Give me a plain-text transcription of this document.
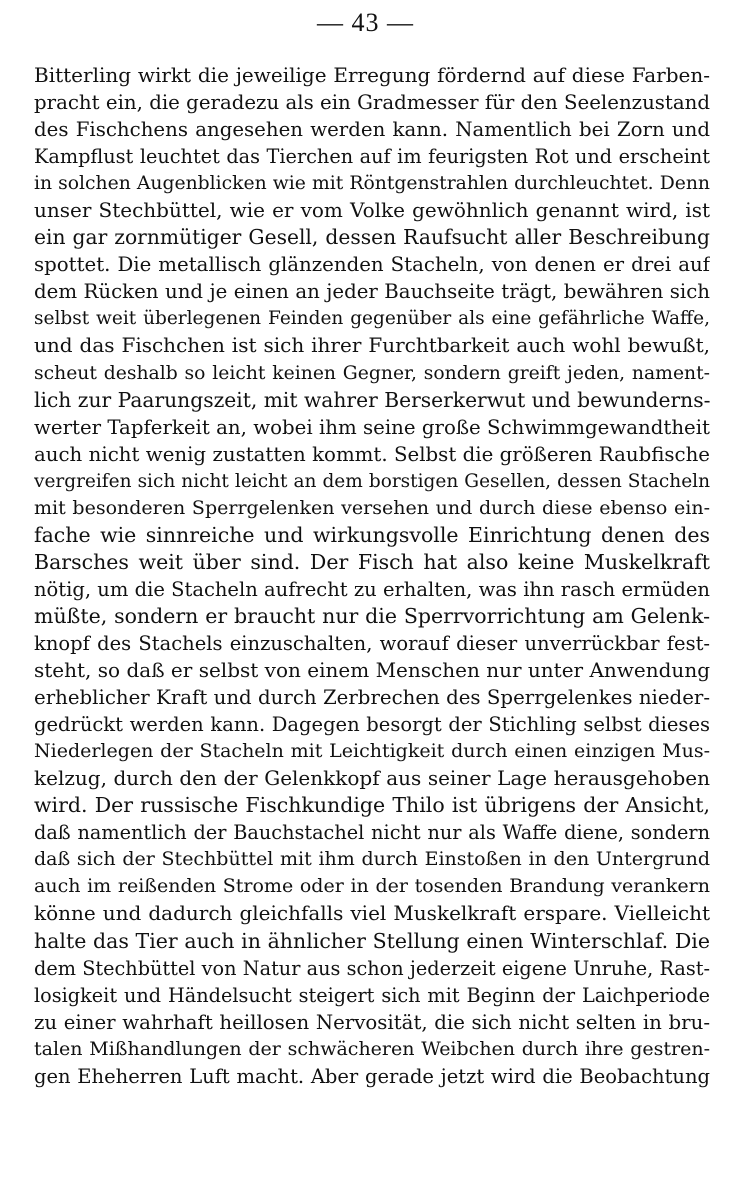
— 43 —
Bitterling wirkt die jeweilige Erregung fördernd auf diese Farben-
pracht ein, die geradezu als ein Gradmesser für den Seelenzustand
des Fischchens angesehen werden kann. Namentlich bei Zorn und
Kampflust leuchtet das Tierchen auf im feurigsten Rot und erscheint
in solchen Augenblicken wie mit Röntgenstrahlen durchleuchtet. Denn
unser Stechbüttel, wie er vom Volke gewöhnlich genannt wird, ist
ein gar zornmütiger Gesell, dessen Raufsucht aller Beschreibung
spottet. Die metallisch glänzenden Stacheln, von denen er drei auf
dem Rücken und je einen an jeder Bauchseite trägt, bewähren sich
selbst weit überlegenen Feinden gegenüber als eine gefährliche Waffe,
und das Fischchen ist sich ihrer Furchtbarkeit auch wohl bewußt,
scheut deshalb so leicht keinen Gegner, sondern greift jeden, nament-
lich zur Paarungszeit, mit wahrer Berserkerwut und bewunderns-
werter Tapferkeit an, wobei ihm seine große Schwimmgewandtheit
auch nicht wenig zustatten kommt. Selbst die größeren Raubfische
vergreifen sich nicht leicht an dem borstigen Gesellen, dessen Stacheln
mit besonderen Sperrgelenken versehen und durch diese ebenso ein-
fache wie sinnreiche und wirkungsvolle Einrichtung denen des
Barsches weit über sind. Der Fisch hat also keine Muskelkraft
nötig, um die Stacheln aufrecht zu erhalten, was ihn rasch ermüden
müßte, sondern er braucht nur die Sperrvorrichtung am Gelenk-
knopf des Stachels einzuschalten, worauf dieser unverrückbar fest-
steht, so daß er selbst von einem Menschen nur unter Anwendung
erheblicher Kraft und durch Zerbrechen des Sperrgelenkes nieder-
gedrückt werden kann. Dagegen besorgt der Stichling selbst dieses
Niederlegen der Stacheln mit Leichtigkeit durch einen einzigen Mus-
kelzug, durch den der Gelenkkopf aus seiner Lage herausgehoben
wird. Der russische Fischkundige Thilo ist übrigens der Ansicht,
daß namentlich der Bauchstachel nicht nur als Waffe diene, sondern
daß sich der Stechbüttel mit ihm durch Einstoßen in den Untergrund
auch im reißenden Strome oder in der tosenden Brandung verankern
könne und dadurch gleichfalls viel Muskelkraft erspare. Vielleicht
halte das Tier auch in ähnlicher Stellung einen Winterschlaf. Die
dem Stechbüttel von Natur aus schon jederzeit eigene Unruhe, Rast-
losigkeit und Händelsucht steigert sich mit Beginn der Laichperiode
zu einer wahrhaft heillosen Nervosität, die sich nicht selten in bru-
talen Mißhandlungen der schwächeren Weibchen durch ihre gestren-
gen Eheherren Luft macht. Aber gerade jetzt wird die Beobachtung
